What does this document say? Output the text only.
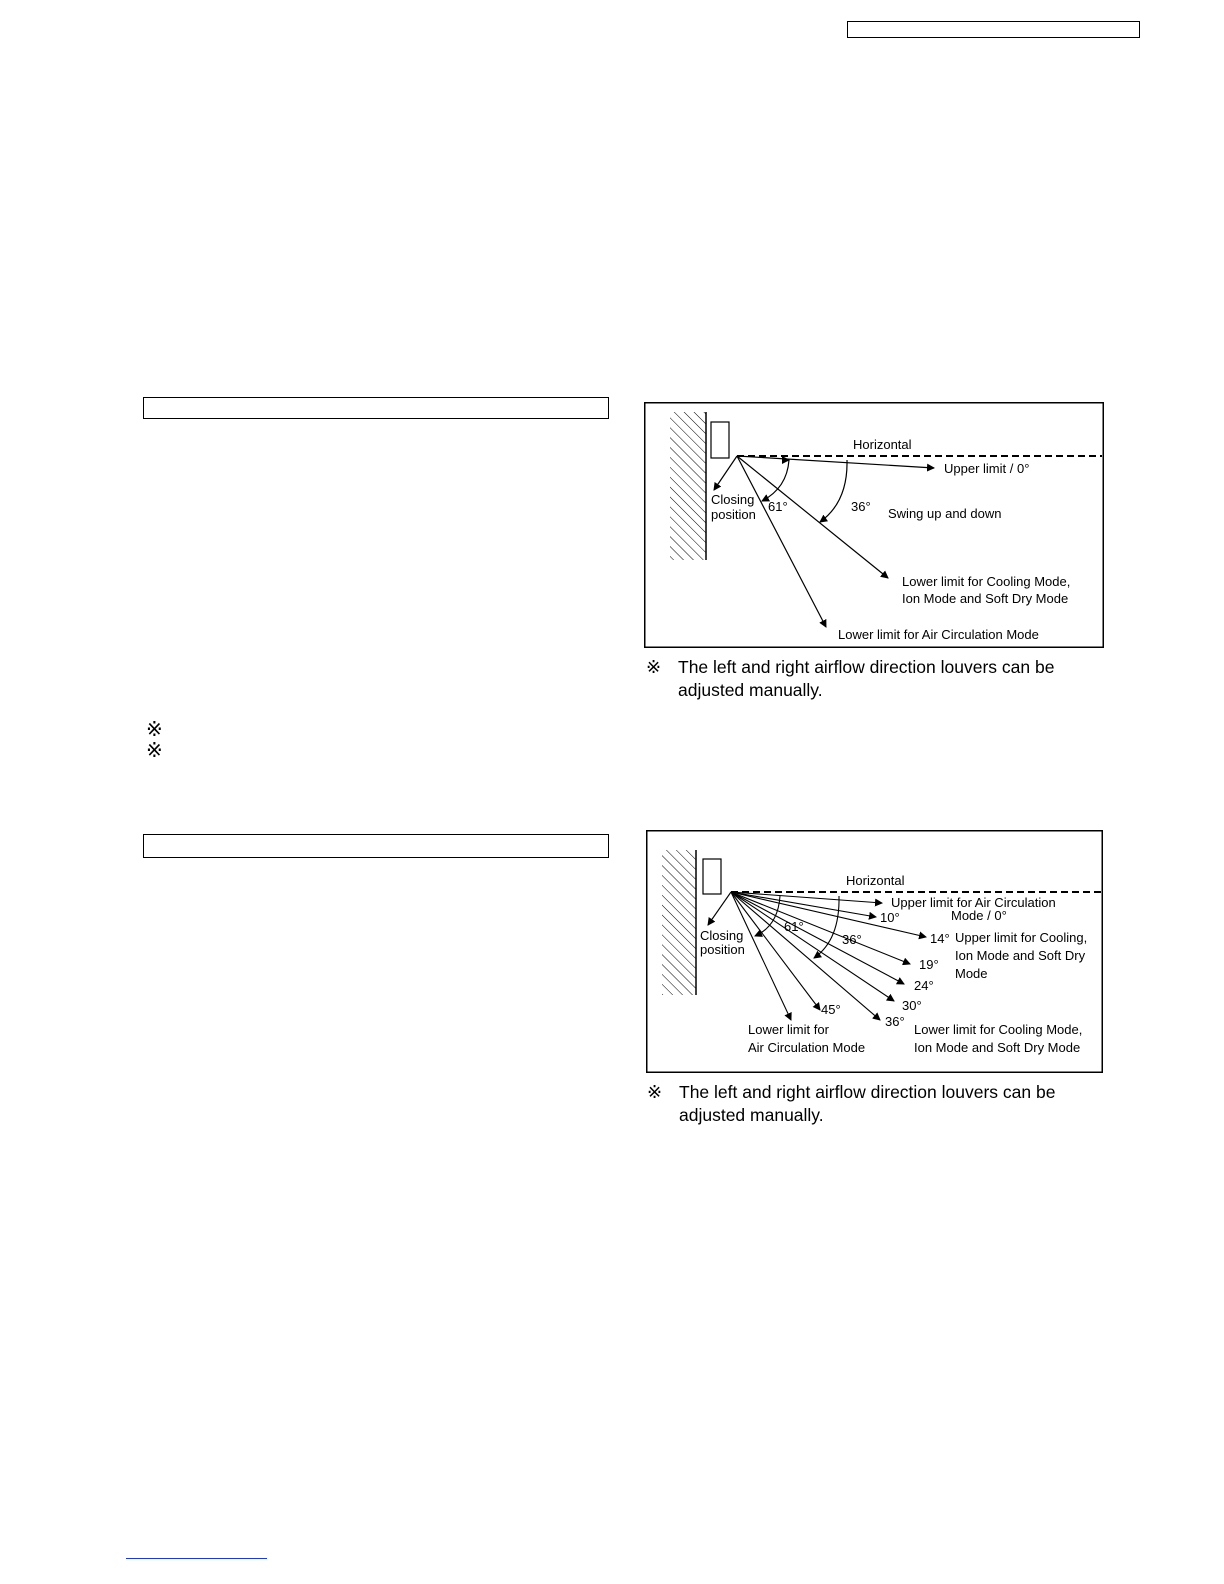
※
※
Horizontal
Upper limit / 0°
Closing
position
61°	36° Swing up and down
Lower limit for Cooling Mode,
Ion Mode and Soft Dry Mode
Lower limit for Air Circulation Mode
※ The left and right airflow direction louvers can be adjusted manually.
Horizontal
Upper limit for Air Circulation
Mode / 0°
10°
Closing
position
61°
36°	14° Upper limit for Cooling,
Ion Mode and Soft Dry
Mode
19°
24°
30°
45°
36°
Lower limit for
Air Circulation Mode
Lower limit for Cooling Mode,
Ion Mode and Soft Dry Mode
※ The left and right airflow direction louvers can be adjusted manually.
